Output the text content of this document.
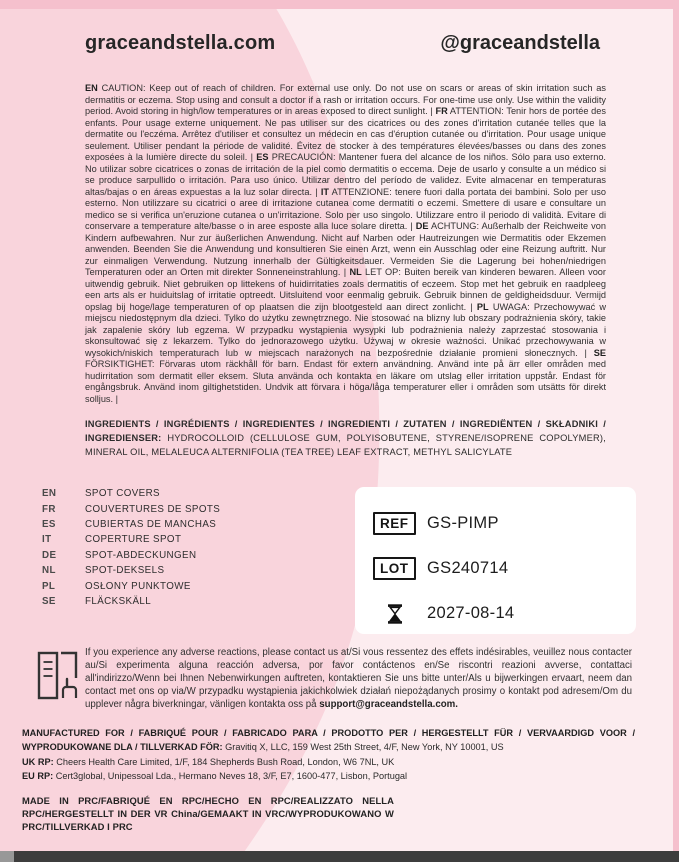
graceandstella.com	@graceandstella

EN CAUTION: Keep out of reach of children. For external use only. Do not use on scars or areas of skin irritation such as dermatitis or eczema. Stop using and consult a doctor if a rash or irritation occurs. For one-time use only. Use within the validity period. Avoid storing in high/low temperatures or in areas exposed to direct sunlight. | FR ATTENTION: Tenir hors de portée des enfants. Pour usage externe uniquement. Ne pas utiliser sur des cicatrices ou des zones d'irritation cutanée telles que la dermatite ou l'eczéma. Arrêtez d'utiliser et consultez un médecin en cas d'éruption cutanée ou d'irritation. Pour usage unique seulement. Utiliser pendant la période de validité. Évitez de stocker à des températures élevées/basses ou dans des zones exposées à la lumière directe du soleil. | ES PRECAUCIÓN: Mantener fuera del alcance de los niños. Sólo para uso externo. No utilizar sobre cicatrices o zonas de irritación de la piel como dermatitis o eccema. Deje de usarlo y consulte a un médico si se produce sarpullido o irritación. Para uso único. Utilizar dentro del período de validez. Evite almacenar en temperaturas altas/bajas o en áreas expuestas a la luz solar directa. | IT ATTENZIONE: tenere fuori dalla portata dei bambini. Solo per uso esterno. Non utilizzare su cicatrici o aree di irritazione cutanea come dermatiti o eczemi. Smettere di usare e consultare un medico se si verifica un'eruzione cutanea o un'irritazione. Solo per uso singolo. Utilizzare entro il periodo di validità. Evitare di conservare a temperature alte/basse o in aree esposte alla luce solare diretta. | DE ACHTUNG: Außerhalb der Reichweite von Kindern aufbewahren. Nur zur äußerlichen Anwendung. Nicht auf Narben oder Hautreizungen wie Dermatitis oder Ekzemen anwenden. Beenden Sie die Anwendung und konsultieren Sie einen Arzt, wenn ein Ausschlag oder eine Reizung auftritt. Nur zur einmaligen Verwendung. Nutzung innerhalb der Gültigkeitsdauer. Vermeiden Sie die Lagerung bei hohen/niedrigen Temperaturen oder an Orten mit direkter Sonneneinstrahlung. | NL LET OP: Buiten bereik van kinderen bewaren. Alleen voor uitwendig gebruik. Niet gebruiken op littekens of huidirritaties zoals dermatitis of eczeem. Stop met het gebruik en raadpleeg een arts als er huiduitslag of irritatie optreedt. Uitsluitend voor eenmalig gebruik. Gebruik binnen de geldigheidsduur. Vermijd opslag bij hoge/lage temperaturen of op plaatsen die zijn blootgesteld aan direct zonlicht. | PL UWAGA: Przechowywać w miejscu niedostępnym dla dzieci. Tylko do użytku zewnętrznego. Nie stosować na blizny lub obszary podrażnienia skóry, takie jak zapalenie skóry lub egzema. W przypadku wystąpienia wysypki lub podrażnienia należy zaprzestać stosowania i skonsultować się z lekarzem. Tylko do jednorazowego użytku. Używaj w okresie ważności. Unikać przechowywania w wysokich/niskich temperaturach lub w miejscach narażonych na bezpośrednie działanie promieni słonecznych. | SE FÖRSIKTIGHET: Förvaras utom räckhåll för barn. Endast för extern användning. Använd inte på ärr eller områden med hudirritation som dermatit eller eksem. Sluta använda och kontakta en läkare om utslag eller irritation uppstår. Endast för engångsbruk. Använd inom giltighetstiden. Undvik att förvara i höga/låga temperaturer eller i områden som utsätts för direkt solljus. |

INGREDIENTS / INGRÉDIENTS / INGREDIENTES / INGREDIENTI / ZUTATEN / INGREDIËNTEN / SKŁADNIKI / INGREDIENSER: HYDROCOLLOID (CELLULOSE GUM, POLYISOBUTENE, STYRENE/ISOPRENE COPOLYMER), MINERAL OIL, MELALEUCA ALTERNIFOLIA (TEA TREE) LEAF EXTRACT, METHYL SALICYLATE

EN	SPOT COVERS
FR	COUVERTURES DE SPOTS
ES	CUBIERTAS DE MANCHAS
IT	COPERTURE SPOT
DE	SPOT-ABDECKUNGEN
NL	SPOT-DEKSELS
PL	OSŁONY PUNKTOWE
SE	FLÄCKSKÄLL
REF	GS-PIMP
LOT	GS240714
2027-08-14

If you experience any adverse reactions, please contact us at/Si vous ressentez des effets indésirables, veuillez nous contacter au/Si experimenta alguna reacción adversa, por favor contáctenos en/Se riscontri reazioni avverse, contattaci all'indirizzo/Wenn bei Ihnen Nebenwirkungen auftreten, kontaktieren Sie uns bitte unter/Als u bijwerkingen ervaart, neem dan contact met ons op via/W przypadku wystąpienia jakichkolwiek działań niepożądanych prosimy o kontakt pod adresem/Om du upplever några biverkningar, vänligen kontakta oss på support@graceandstella.com.

MANUFACTURED FOR / FABRIQUÉ POUR / FABRICADO PARA / PRODOTTO PER / HERGESTELLT FÜR / VERVAARDIGD VOOR / WYPRODUKOWANE DLA / TILLVERKAD FÖR: Gravitiq X, LLC, 159 West 25th Street, 4/F, New York, NY 10001, US

UK RP: Cheers Health Care Limited, 1/F, 184 Shepherds Bush Road, London, W6 7NL, UK

EU RP: Cert3global, Unipessoal Lda., Hermano Neves 18, 3/F, E7, 1600-477, Lisbon, Portugal

MADE IN PRC/FABRIQUÉ EN RPC/HECHO EN RPC/REALIZZATO NELLA RPC/HERGESTELLT IN DER VR China/GEMAAKT IN VRC/WYPRODUKOWANO W PRC/TILLVERKAD I PRC
